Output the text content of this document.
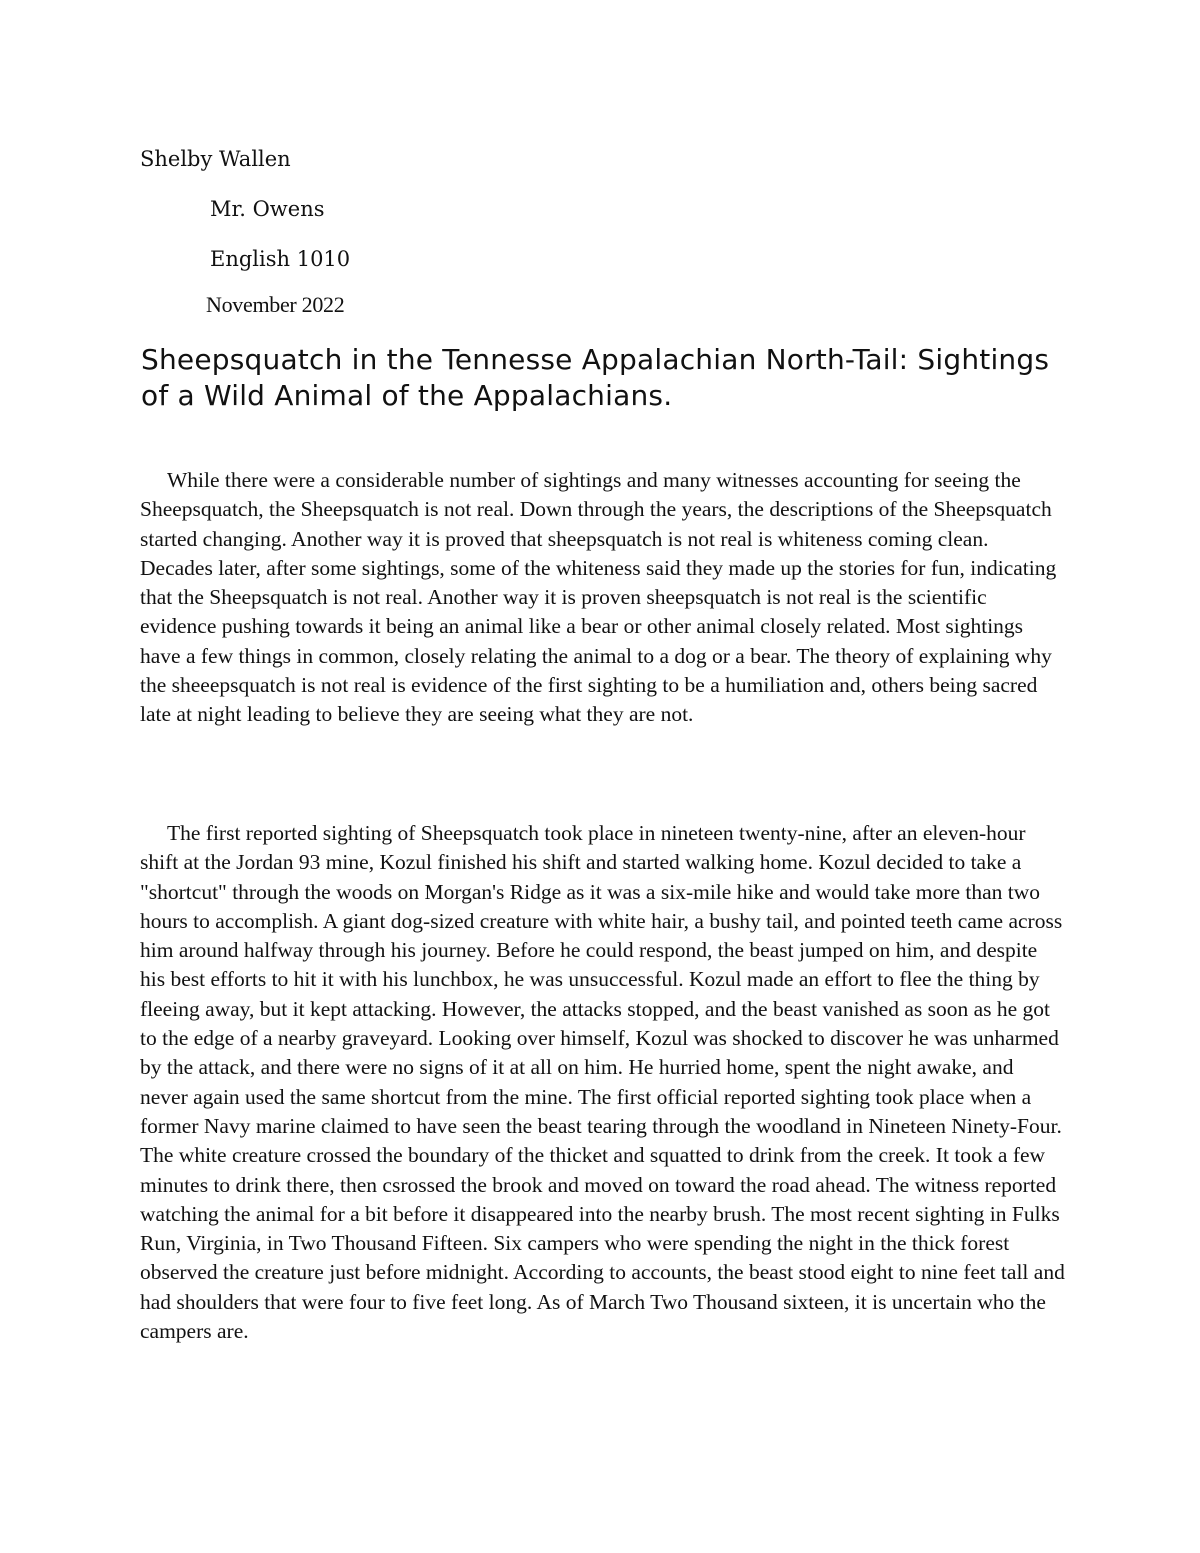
Shelby Wallen
Mr. Owens
English 1010
November 2022
Sheepsquatch in the Tennesse Appalachian North-Tail: Sightings of a Wild Animal of the Appalachians.

While there were a considerable number of sightings and many witnesses accounting for seeing the Sheepsquatch, the Sheepsquatch is not real. Down through the years, the descriptions of the Sheepsquatch started changing. Another way it is proved that sheepsquatch is not real is whiteness coming clean. Decades later, after some sightings, some of the whiteness said they made up the stories for fun, indicating that the Sheepsquatch is not real. Another way it is proven sheepsquatch is not real is the scientific evidence pushing towards it being an animal like a bear or other animal closely related. Most sightings have a few things in common, closely relating the animal to a dog or a bear. The theory of explaining why the sheeepsquatch is not real is evidence of the first sighting to be a humiliation and, others being sacred late at night leading to believe they are seeing what they are not.

The first reported sighting of Sheepsquatch took place in nineteen twenty-nine, after an eleven-hour shift at the Jordan 93 mine, Kozul finished his shift and started walking home. Kozul decided to take a "shortcut" through the woods on Morgan's Ridge as it was a six-mile hike and would take more than two hours to accomplish. A giant dog-sized creature with white hair, a bushy tail, and pointed teeth came across him around halfway through his journey. Before he could respond, the beast jumped on him, and despite his best efforts to hit it with his lunchbox, he was unsuccessful. Kozul made an effort to flee the thing by fleeing away, but it kept attacking. However, the attacks stopped, and the beast vanished as soon as he got to the edge of a nearby graveyard. Looking over himself, Kozul was shocked to discover he was unharmed by the attack, and there were no signs of it at all on him. He hurried home, spent the night awake, and never again used the same shortcut from the mine. The first official reported sighting took place when a former Navy marine claimed to have seen the beast tearing through the woodland in Nineteen Ninety-Four. The white creature crossed the boundary of the thicket and squatted to drink from the creek. It took a few minutes to drink there, then csrossed the brook and moved on toward the road ahead. The witness reported watching the animal for a bit before it disappeared into the nearby brush. The most recent sighting in Fulks Run, Virginia, in Two Thousand Fifteen. Six campers who were spending the night in the thick forest observed the creature just before midnight. According to accounts, the beast stood eight to nine feet tall and had shoulders that were four to five feet long. As of March Two Thousand sixteen, it is uncertain who the campers are.
